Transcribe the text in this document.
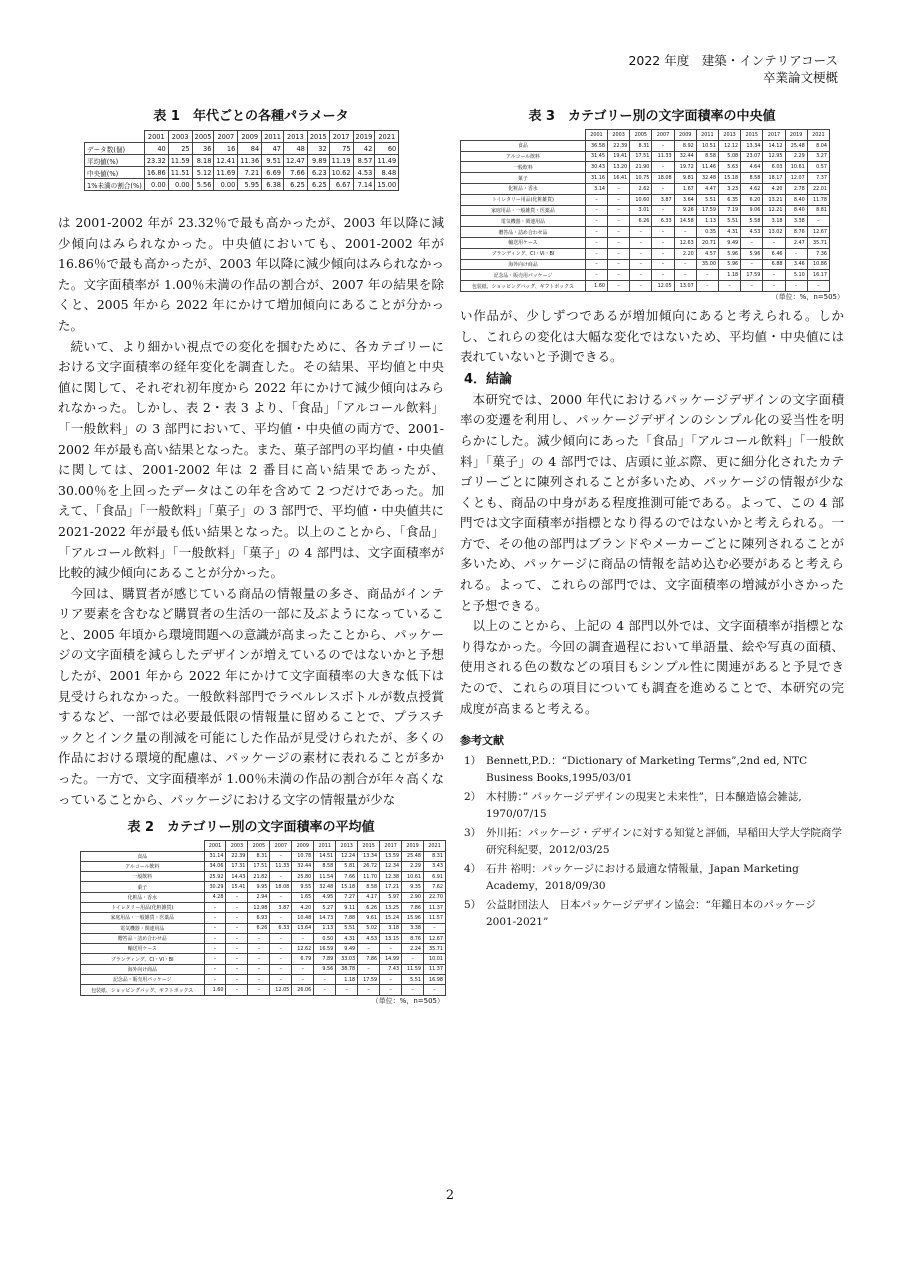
2022 年度　建築・インテリアコース
卒業論文梗概
表 1　年代ごとの各種パラメータ
	2001	2003	2005	2007	2009	2011	2013	2015	2017	2019	2021
データ数(個)	40	25	36	16	84	47	48	32	75	42	60
平均値(%)	23.32	11.59	8.18	12.41	11.36	9.51	12.47	9.89	11.19	8.57	11.49
中央値(%)	16.86	11.51	5.12	11.69	7.21	6.69	7.66	6.23	10.62	4.53	8.48
1%未満の割合(%)	0.00	0.00	5.56	0.00	5.95	6.38	6.25	6.25	6.67	7.14	15.00

は 2001-2002 年が 23.32％で最も高かったが、2003 年以降に減少傾向はみられなかった。中央値においても、2001-2002 年が 16.86％で最も高かったが、2003 年以降に減少傾向はみられなかった。文字面積率が 1.00％未満の作品の割合が、2007 年の結果を除くと、2005 年から 2022 年にかけて増加傾向にあることが分かった。

続いて、より細かい視点での変化を掴むために、各カテゴリーにおける文字面積率の経年変化を調査した。その結果、平均値と中央値に関して、それぞれ初年度から 2022 年にかけて減少傾向はみられなかった。しかし、表 2・表 3 より、「食品」「アルコール飲料」「一般飲料」の 3 部門において、平均値・中央値の両方で、2001-2002 年が最も高い結果となった。また、菓子部門の平均値・中央値に関しては、2001-2002 年は 2 番目に高い結果であったが、30.00％を上回ったデータはこの年を含めて 2 つだけであった。加えて、「食品」「一般飲料」「菓子」の 3 部門で、平均値・中央値共に 2021-2022 年が最も低い結果となった。以上のことから、「食品」「アルコール飲料」「一般飲料」「菓子」の 4 部門は、文字面積率が比較的減少傾向にあることが分かった。

今回は、購買者が感じている商品の情報量の多さ、商品がインテリア要素を含むなど購買者の生活の一部に及ぶようになっていること、2005 年頃から環境問題への意識が高まったことから、パッケージの文字面積を減らしたデザインが増えているのではないかと予想したが、2001 年から 2022 年にかけて文字面積率の大きな低下は見受けられなかった。一般飲料部門でラベルレスボトルが数点授賞するなど、一部では必要最低限の情報量に留めることで、プラスチックとインク量の削減を可能にした作品が見受けられたが、多くの作品における環境的配慮は、パッケージの素材に表れることが多かった。一方で、文字面積率が 1.00％未満の作品の割合が年々高くなっていることから、パッケージにおける文字の情報量が少な

表 2　カテゴリー別の文字面積率の平均値
	2001	2003	2005	2007	2009	2011	2013	2015	2017	2019	2021
食品	31.14	22.39	8.31	–	10.78	14.51	12.24	13.34	13.59	25.48	8.31
アルコール飲料	34.06	17.31	17.51	11.33	32.44	8.58	5.81	26.72	12.34	2.29	3.43
一般飲料	25.92	14.43	21.82	–	25.80	11.54	7.66	11.70	12.38	10.61	6.91
菓子	30.29	15.41	9.95	18.08	9.55	32.48	15.18	8.58	17.21	9.35	7.62
化粧品・香水	4.28	–	2.94	–	1.65	4.95	7.27	4.17	5.97	2.90	22.70
トイレタリー用品(化粧雑貨)	–	–	12.98	3.87	4.20	5.27	9.11	6.26	13.25	7.86	11.37
家庭用品・一般雑貨・医薬品	–	–	6.93	–	10.48	14.73	7.88	9.61	15.24	15.96	11.57
電気機器・関連用品	–	–	6.26	6.33	13.64	1.13	5.51	5.02	3.18	3.38	–
贈答品・詰め合わせ品	–	–	–	–	–	0.50	4.31	4.53	13.15	8.76	12.67
輸送用ケース	–	–	–	–	12.62	16.59	9.49	–	–	2.24	35.71
ブランディング、CI・VI・BI	–	–	–	–	6.79	7.89	33.03	7.86	14.99	–	10.01
海外向け商品	–	–	–	–	–	9.56	38.78	–	7.43	11.59	11.37
記念品・販売用パッケージ	–	–	–	–	–	–	1.18	17.59	–	5.51	16.98
包装紙、ショッピングバッグ、ギフトボックス	1.60	–	–	12.05	26.06	–	–	–	–	–	–
（単位：%，n=505）
表 3　カテゴリー別の文字面積率の中央値
	2001	2003	2005	2007	2009	2011	2013	2015	2017	2019	2021
食品	36.58	22.39	8.31	–	8.92	10.51	12.12	13.34	14.12	25.48	8.04
アルコール飲料	31.45	19.41	17.51	11.33	32.44	8.58	5.08	23.07	12.95	2.29	3.27
一般飲料	30.43	13.20	21.90	–	19.72	11.46	5.63	4.64	6.03	10.61	0.57
菓子	31.16	16.41	10.75	18.08	9.81	32.48	15.18	8.58	18.17	12.07	7.37
化粧品・香水	3.14	–	2.62	–	1.67	4.47	3.23	4.62	4.20	2.78	22.01
トイレタリー用品(化粧雑貨)	–	–	10.60	3.87	3.64	5.51	6.35	6.20	13.21	8.40	11.78
家庭用品・一般雑貨・医薬品	–	–	3.01	–	9.26	17.59	7.19	9.06	12.21	8.40	8.81
電気機器・関連用品	–	–	6.26	6.33	14.58	1.13	5.51	5.58	3.18	3.38	–
贈答品・詰め合わせ品	–	–	–	–	–	0.35	4.31	4.53	13.02	8.76	12.67
輸送用ケース	–	–	–	–	12.63	20.71	9.49	–	–	2.47	35.71
ブランディング、CI・VI・BI	–	–	–	–	2.20	4.57	5.96	5.96	6.46	–	7.36
海外向け商品	–	–	–	–	–	35.00	5.96	–	6.88	3.46	10.86
記念品・販売用パッケージ	–	–	–	–	–	–	1.18	17.59	–	5.10	16.17
包装紙、ショッピングバッグ、ギフトボックス	1.60	–	–	12.05	13.07	–	–	–	–	–	–
（単位：%，n=505）

い作品が、少しずつであるが増加傾向にあると考えられる。しかし、これらの変化は大幅な変化ではないため、平均値・中央値には表れていないと予測できる。

4．結論

本研究では、2000 年代におけるパッケージデザインの文字面積率の変遷を利用し、パッケージデザインのシンプル化の妥当性を明らかにした。減少傾向にあった「食品」「アルコール飲料」「一般飲料」「菓子」の 4 部門では、店頭に並ぶ際、更に細分化されたカテゴリーごとに陳列されることが多いため、パッケージの情報が少なくとも、商品の中身がある程度推測可能である。よって、この 4 部門では文字面積率が指標となり得るのではないかと考えられる。一方で、その他の部門はブランドやメーカーごとに陳列されることが多いため、パッケージに商品の情報を詰め込む必要があると考えられる。よって、これらの部門では、文字面積率の増減が小さかったと予想できる。

以上のことから、上記の 4 部門以外では、文字面積率が指標となり得なかった。今回の調査過程において単語量、絵や写真の面積、使用される色の数などの項目もシンプル性に関連があると予見できたので、これらの項目についても調査を進めることで、本研究の完成度が高まると考える。

参考文献
1） Bennett,P.D.：“Dictionary of Marketing Terms”,2nd ed, NTC Business Books,1995/03/01
2） 木村勝：” パッケージデザインの現実と未来性”，日本醸造協会雑誌, 1970/07/15
3） 外川拓：パッケージ・デザインに対する知覚と評価，早稲田大学大学院商学研究科紀要，2012/03/25
4） 石井 裕明：パッケージにおける最適な情報量，Japan Marketing Academy，2018/09/30
5） 公益財団法人　日本パッケージデザイン協会：“年鑑日本のパッケージ 2001-2021”
2
